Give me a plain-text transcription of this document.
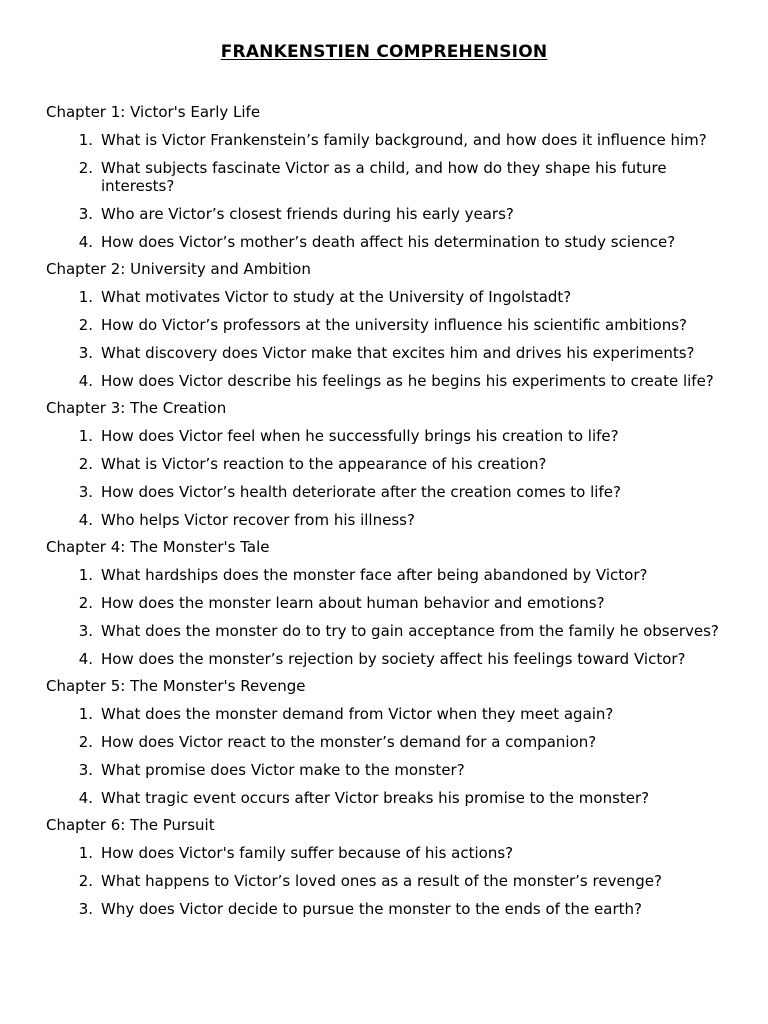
FRANKENSTIEN COMPREHENSION
Chapter 1: Victor's Early Life
1. What is Victor Frankenstein’s family background, and how does it influence him?
2. What subjects fascinate Victor as a child, and how do they shape his future interests?
3. Who are Victor’s closest friends during his early years?
4. How does Victor’s mother’s death affect his determination to study science?
Chapter 2: University and Ambition
1. What motivates Victor to study at the University of Ingolstadt?
2. How do Victor’s professors at the university influence his scientific ambitions?
3. What discovery does Victor make that excites him and drives his experiments?
4. How does Victor describe his feelings as he begins his experiments to create life?
Chapter 3: The Creation
1. How does Victor feel when he successfully brings his creation to life?
2. What is Victor’s reaction to the appearance of his creation?
3. How does Victor’s health deteriorate after the creation comes to life?
4. Who helps Victor recover from his illness?
Chapter 4: The Monster's Tale
1. What hardships does the monster face after being abandoned by Victor?
2. How does the monster learn about human behavior and emotions?
3. What does the monster do to try to gain acceptance from the family he observes?
4. How does the monster’s rejection by society affect his feelings toward Victor?
Chapter 5: The Monster's Revenge
1. What does the monster demand from Victor when they meet again?
2. How does Victor react to the monster’s demand for a companion?
3. What promise does Victor make to the monster?
4. What tragic event occurs after Victor breaks his promise to the monster?
Chapter 6: The Pursuit
1. How does Victor's family suffer because of his actions?
2. What happens to Victor’s loved ones as a result of the monster’s revenge?
3. Why does Victor decide to pursue the monster to the ends of the earth?
